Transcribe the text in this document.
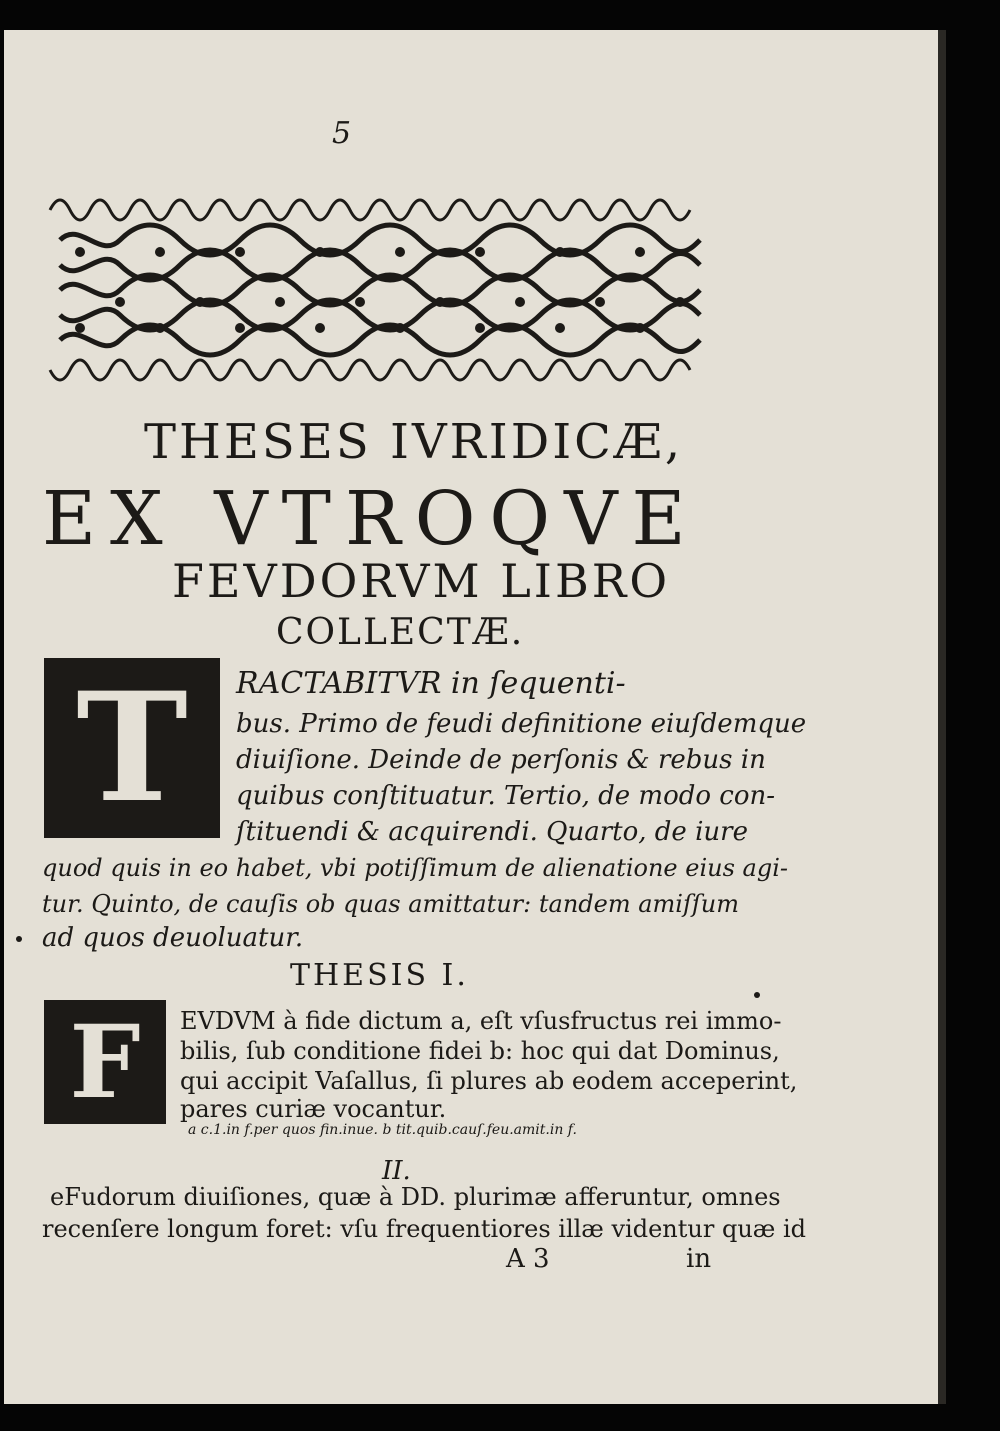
5
THESES IVRIDICÆ,
EX VTROQVE
FEVDORVM LIBRO
COLLECTÆ.
T	RACTABITVR in ſequenti-
bus. Primo de feudi definitione eiuſdemque
diuiſione. Deinde de perſonis & rebus in
quibus conſtituatur. Tertio, de modo con-
ſtituendi & acquirendi. Quarto, de iure
quod quis in eo habet, vbi potiſſimum de alienatione eius agi-
tur. Quinto, de cauſis ob quas amittatur: tandem amiſſum
ad quos deuoluatur.
THESIS I.
F	EVDVM à fide dictum a, eſt vſusfructus rei immo-
bilis, ſub conditione fidei b: hoc qui dat Dominus,
qui accipit Vaſallus, ſi plures ab eodem acceperint,
pares curiæ vocantur.
a c.1.in f.per quos fin.inue. b tit.quib.cauſ.feu.amit.in f.
II.
eFudorum diuiſiones, quæ à DD. plurimæ afferuntur, omnes
recenſere longum foret: vſu frequentiores illæ videntur quæ id
A 3	in
